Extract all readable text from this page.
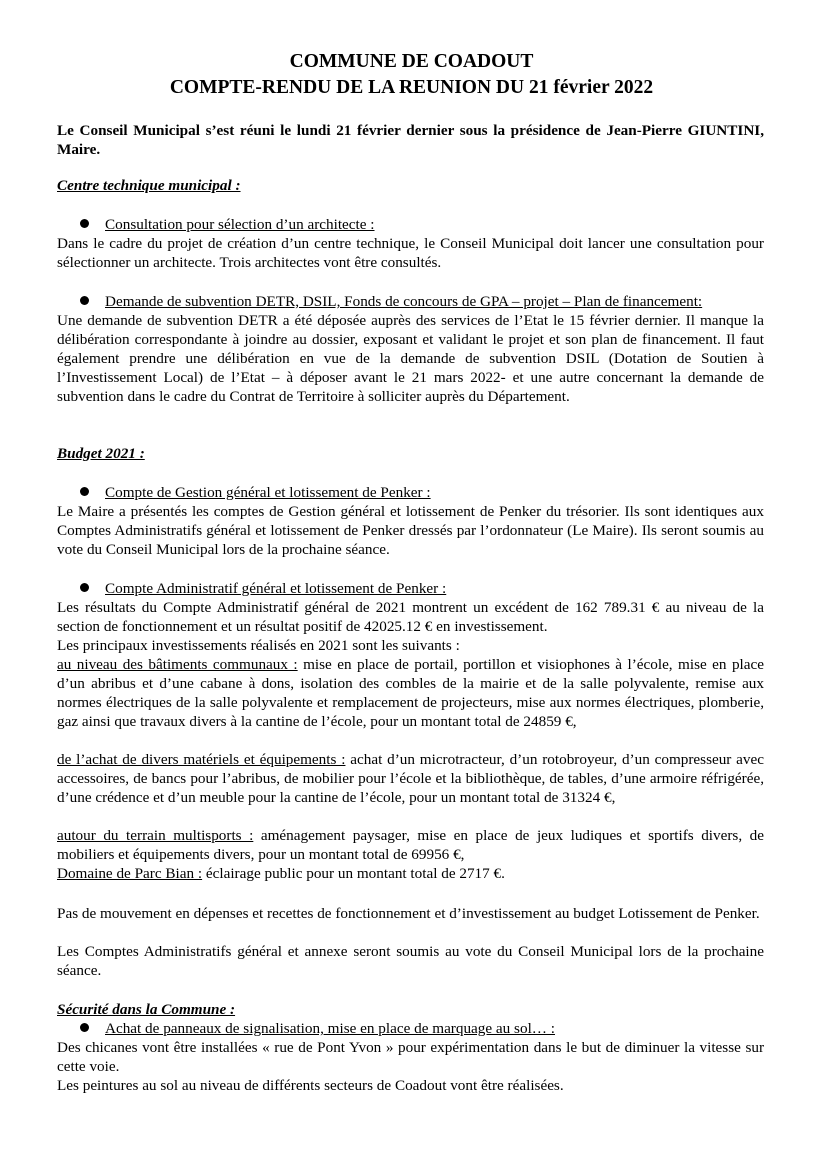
COMMUNE DE COADOUT
COMPTE-RENDU DE LA REUNION DU 21 février 2022

Le Conseil Municipal s’est réuni le lundi 21 février dernier sous la présidence de Jean-Pierre GIUNTINI, Maire.

Centre technique municipal :
Consultation pour sélection d’un architecte :

Dans le cadre du projet de création d’un centre technique, le Conseil Municipal doit lancer une consultation pour sélectionner un architecte. Trois architectes vont être consultés.

Demande de subvention DETR, DSIL, Fonds de concours de GPA – projet – Plan de financement:

Une demande de subvention DETR a été déposée auprès des services de l’Etat le 15 février dernier. Il manque la délibération correspondante à joindre au dossier, exposant et validant le projet et son plan de financement. Il faut également prendre une délibération en vue de la demande de subvention DSIL (Dotation de Soutien à l’Investissement Local) de l’Etat – à déposer avant le 21 mars 2022- et une autre concernant la demande de subvention dans le cadre du Contrat de Territoire à solliciter auprès du Département.

Budget 2021 :
Compte de Gestion général et lotissement de Penker :

Le Maire a présentés les comptes de Gestion général et lotissement de Penker du trésorier. Ils sont identiques aux Comptes Administratifs général et lotissement de Penker dressés par l’ordonnateur (Le Maire). Ils seront soumis au vote du Conseil Municipal lors de la prochaine séance.

Compte Administratif général et lotissement de Penker :

Les résultats du Compte Administratif général de 2021 montrent un excédent de 162 789.31 € au niveau de la section de fonctionnement et un résultat positif de 42025.12 € en investissement.

Les principaux investissements réalisés en 2021 sont les suivants :

au niveau des bâtiments communaux : mise en place de portail, portillon et visiophones à l’école, mise en place d’un abribus et d’une cabane à dons, isolation des combles de la mairie et de la salle polyvalente, remise aux normes électriques de la salle polyvalente et remplacement de projecteurs, mise aux normes électriques, plomberie, gaz ainsi que travaux divers à la cantine de l’école, pour un montant total de 24859 €,

de l’achat de divers matériels et équipements : achat d’un microtracteur, d’un rotobroyeur, d’un compresseur avec accessoires, de bancs pour l’abribus, de mobilier pour l’école et la bibliothèque, de tables, d’une armoire réfrigérée, d’une crédence et d’un meuble pour la cantine de l’école, pour un montant total de 31324 €,

autour du terrain multisports : aménagement paysager, mise en place de jeux ludiques et sportifs divers, de mobiliers et équipements divers, pour un montant total de 69956 €,

Domaine de Parc Bian : éclairage public pour un montant total de 2717 €.

Pas de mouvement en dépenses et recettes de fonctionnement et d’investissement au budget Lotissement de Penker.

Les Comptes Administratifs général et annexe seront soumis au vote du Conseil Municipal lors de la prochaine séance.

Sécurité dans la Commune :
Achat de panneaux de signalisation, mise en place de marquage au sol… :

Des chicanes vont être installées « rue de Pont Yvon » pour expérimentation dans le but de diminuer la vitesse sur cette voie.

Les peintures au sol au niveau de différents secteurs de Coadout vont être réalisées.
